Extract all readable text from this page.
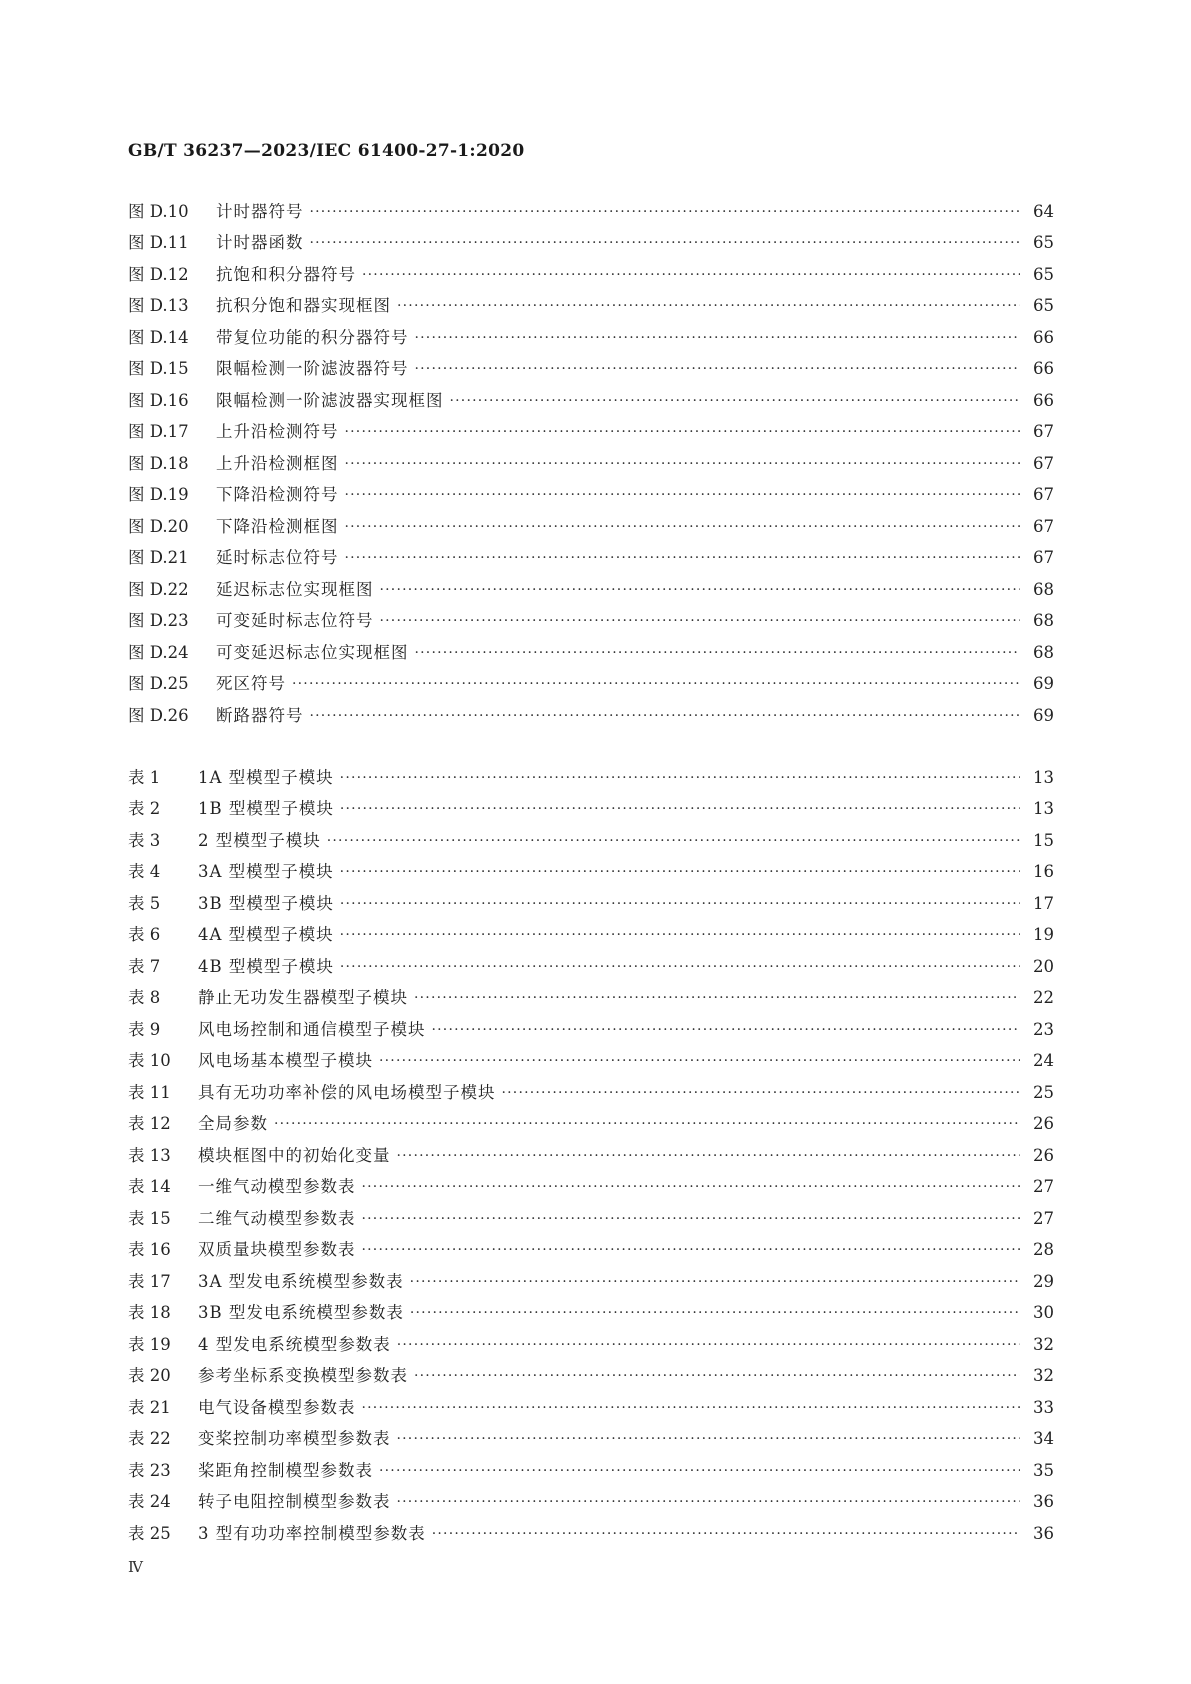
GB/T 36237—2023/IEC 61400-27-1:2020
图 D.10	计时器符号 ·····	64
图 D.11	计时器函数 ·····	65
图 D.12	抗饱和积分器符号 ·····	65
图 D.13	抗积分饱和器实现框图 ·····	65
图 D.14	带复位功能的积分器符号 ·····	66
图 D.15	限幅检测一阶滤波器符号 ·····	66
图 D.16	限幅检测一阶滤波器实现框图 ·····	66
图 D.17	上升沿检测符号 ·····	67
图 D.18	上升沿检测框图 ·····	67
图 D.19	下降沿检测符号 ·····	67
图 D.20	下降沿检测框图 ·····	67
图 D.21	延时标志位符号 ·····	67
图 D.22	延迟标志位实现框图 ·····	68
图 D.23	可变延时标志位符号 ·····	68
图 D.24	可变延迟标志位实现框图 ·····	68
图 D.25	死区符号 ·····	69
图 D.26	断路器符号 ·····	69
表 1	1A 型模型子模块 ·····	13
表 2	1B 型模型子模块 ·····	13
表 3	2 型模型子模块 ·····	15
表 4	3A 型模型子模块 ·····	16
表 5	3B 型模型子模块 ·····	17
表 6	4A 型模型子模块 ·····	19
表 7	4B 型模型子模块 ·····	20
表 8	静止无功发生器模型子模块 ·····	22
表 9	风电场控制和通信模型子模块 ·····	23
表 10	风电场基本模型子模块 ·····	24
表 11	具有无功功率补偿的风电场模型子模块 ·····	25
表 12	全局参数 ·····	26
表 13	模块框图中的初始化变量 ·····	26
表 14	一维气动模型参数表 ·····	27
表 15	二维气动模型参数表 ·····	27
表 16	双质量块模型参数表 ·····	28
表 17	3A 型发电系统模型参数表 ·····	29
表 18	3B 型发电系统模型参数表 ·····	30
表 19	4 型发电系统模型参数表 ·····	32
表 20	参考坐标系变换模型参数表 ·····	32
表 21	电气设备模型参数表 ·····	33
表 22	变桨控制功率模型参数表 ·····	34
表 23	桨距角控制模型参数表 ·····	35
表 24	转子电阻控制模型参数表 ·····	36
表 25	3 型有功功率控制模型参数表 ·····	36
Ⅳ
